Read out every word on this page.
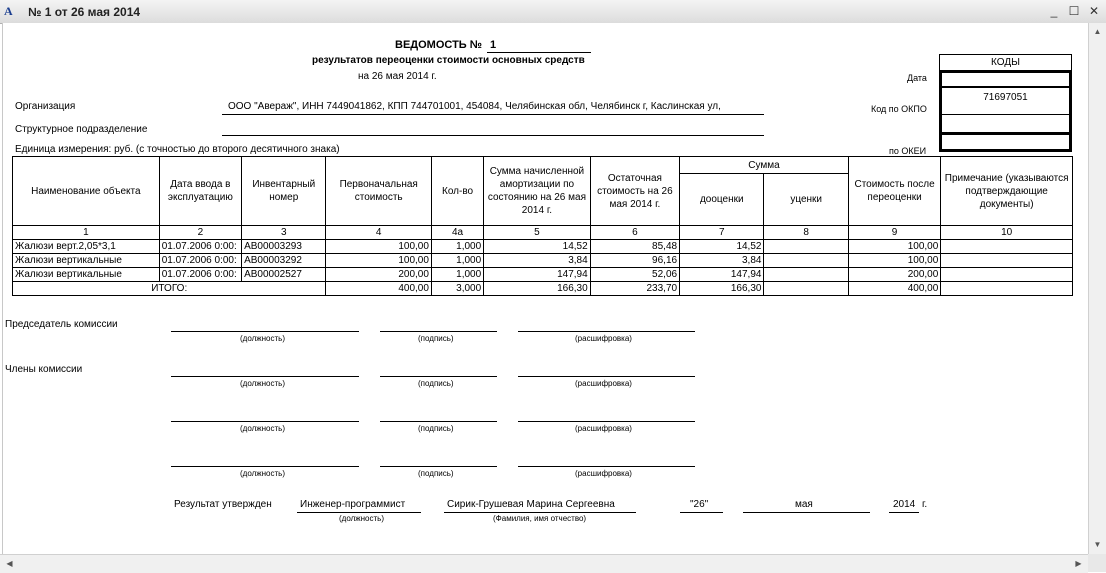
A	№ 1 от 26 мая 2014	_ ☐ ✕
ВЕДОМОСТЬ № 1
результатов переоценки стоимости основных средств
на 26 мая 2014 г.
КОДЫ
71697051
Дата
Код по ОКПО
по ОКЕИ
Организация	ООО "Авераж", ИНН 7449041862, КПП 744701001, 454084, Челябинская обл, Челябинск г, Каслинская ул,
Структурное подразделение
Единица измерения: руб. (с точностью до второго десятичного знака)
Наименование объекта	Дата ввода в эксплуатацию	Инвентарный номер	Первоначальная стоимость	Кол-во	Сумма начисленной амортизации по состоянию на 26 мая 2014 г.	Остаточная стоимость на 26 мая 2014 г.	Сумма		Стоимость после переоценки	Примечание (указываются подтверждающие документы)
							дооценки	уценки		
1	2	3	4	4а	5	6	7	8	9	10
Жалюзи верт.2,05*3,1	01.07.2006 0:00:	АВ00003293	100,00	1,000	14,52	85,48	14,52		100,00	
Жалюзи вертикальные	01.07.2006 0:00:	АВ00003292	100,00	1,000	3,84	96,16	3,84		100,00	
Жалюзи вертикальные	01.07.2006 0:00:	АВ00002527	200,00	1,000	147,94	52,06	147,94		200,00	
ИТОГО:			400,00	3,000	166,30	233,70	166,30		400,00	
Председатель комиссии
(должность)	(подпись)	(расшифровка)
Члены комиссии
(должность)	(подпись)	(расшифровка)
(должность)	(подпись)	(расшифровка)
(должность)	(подпись)	(расшифровка)
Результат утвержден	Инженер-программист
(должность)
Сирик-Грушевая Марина Сергеевна
(Фамилия, имя отчество)
"26"	мая	2014 г.
▲
▼
◀	▶
